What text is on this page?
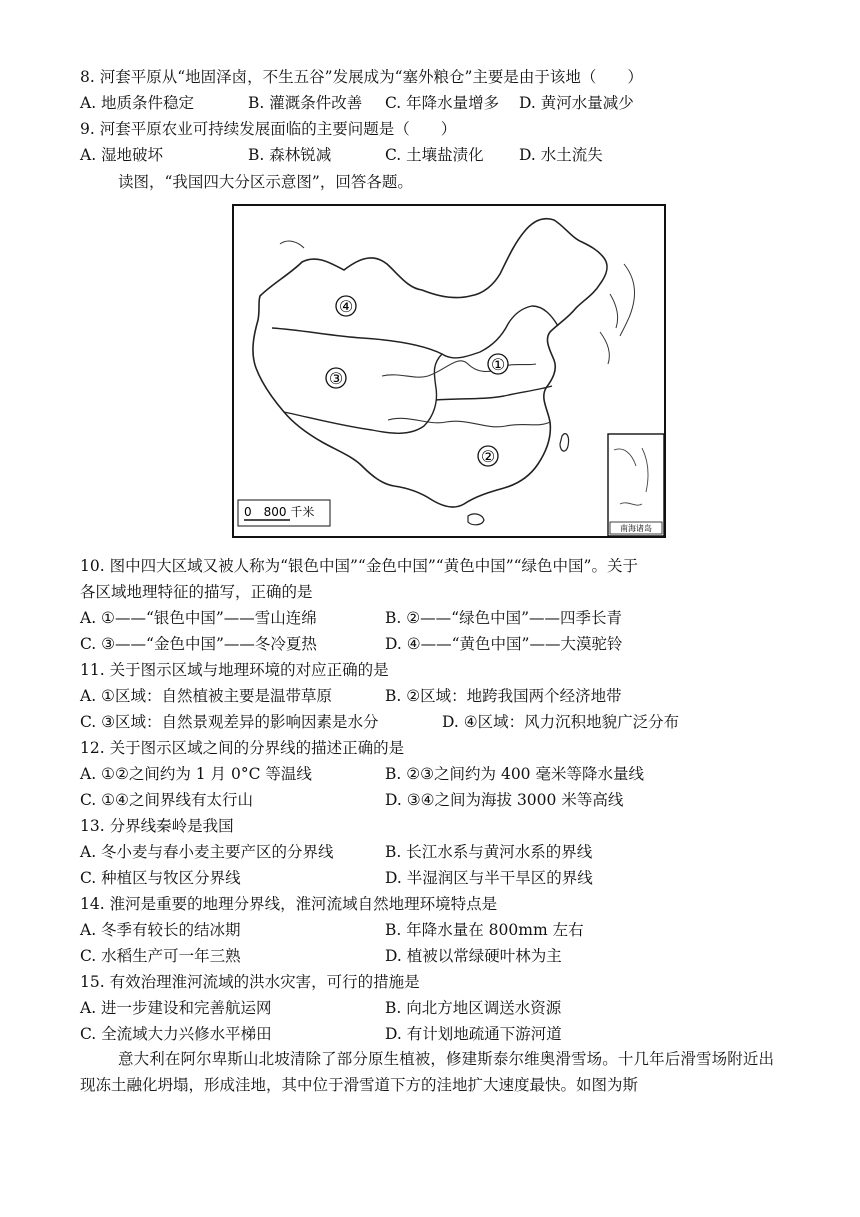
8. 河套平原从“地固泽卤，不生五谷”发展成为“塞外粮仓”主要是由于该地（　　）
A. 地质条件稳定	B. 灌溉条件改善 C. 年降水量增多 D. 黄河水量减少
9. 河套平原农业可持续发展面临的主要问题是（　　）
A. 湿地破坏	B. 森林锐减	C. 土壤盐渍化 D. 水土流失
读图，“我国四大分区示意图”，回答各题。
南海诸岛
0　800 千米
④
①
③
②
10. 图中四大区域又被人称为“银色中国”“金色中国”“黄色中国”“绿色中国”。关于
各区域地理特征的描写，正确的是
A. ①——“银色中国”——雪山连绵	B. ②——“绿色中国”——四季长青
C. ③——“金色中国”——冬冷夏热	D. ④——“黄色中国”——大漠驼铃
11. 关于图示区域与地理环境的对应正确的是
A. ①区域：自然植被主要是温带草原	B. ②区域：地跨我国两个经济地带
C. ③区域：自然景观差异的影响因素是水分	D. ④区域：风力沉积地貌广泛分布
12. 关于图示区域之间的分界线的描述正确的是
A. ①②之间约为 1 月 0°C 等温线	B. ②③之间约为 400 毫米等降水量线
C. ①④之间界线有太行山	D. ③④之间为海拔 3000 米等高线
13. 分界线秦岭是我国
A. 冬小麦与春小麦主要产区的分界线	B. 长江水系与黄河水系的界线
C. 种植区与牧区分界线	D. 半湿润区与半干旱区的界线
14. 淮河是重要的地理分界线，淮河流域自然地理环境特点是
A. 冬季有较长的结冰期	B. 年降水量在 800mm 左右
C. 水稻生产可一年三熟	D. 植被以常绿硬叶林为主
15. 有效治理淮河流域的洪水灾害，可行的措施是
A. 进一步建设和完善航运网	B. 向北方地区调送水资源
C. 全流域大力兴修水平梯田	D. 有计划地疏通下游河道
意大利在阿尔卑斯山北坡清除了部分原生植被，修建斯泰尔维奥滑雪场。十几年后滑雪场附近出现冻土融化坍塌，形成洼地，其中位于滑雪道下方的洼地扩大速度最快。如图为斯
